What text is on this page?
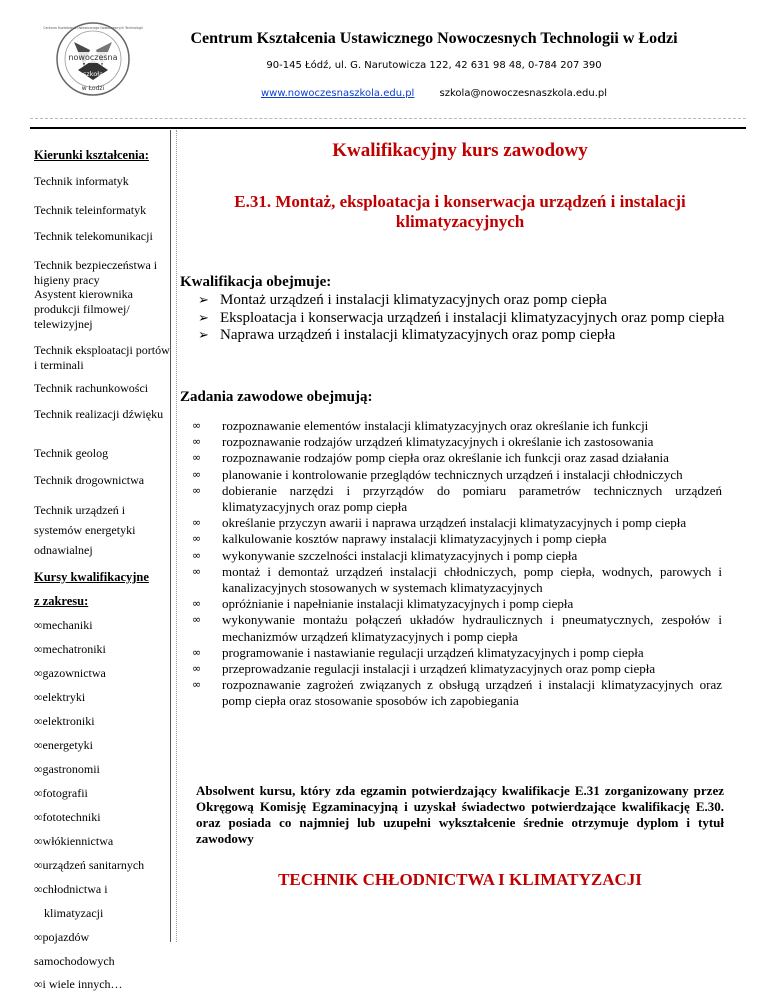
nowoczesna
szkoła
w Łodzi
Centrum Kształcenia Ustawicznego Nowoczesnych Technologii
Centrum Kształcenia Ustawicznego Nowoczesnych Technologii w Łodzi
90-145 Łódź, ul. G. Narutowicza 122, 42 631 98 48, 0-784 207 390
www.nowoczesnaszkola.edu.pl	szkola@nowoczesnaszkola.edu.pl
Kierunki kształcenia:
Technik informatyk
Technik teleinformatyk
Technik telekomunikacji
Technik bezpieczeństwa i higieny pracy
Asystent kierownika produkcji filmowej/ telewizyjnej
Technik eksploatacji portów i terminali
Technik rachunkowości
Technik realizacji dźwięku
Technik geolog
Technik drogownictwa
Technik urządzeń i systemów energetyki odnawialnej
Kursy kwalifikacyjne
z zakresu:
∞mechaniki
∞mechatroniki
∞gazownictwa
∞elektryki
∞elektroniki
∞energetyki
∞gastronomii
∞fotografii
∞fototechniki
∞włókiennictwa
∞urządzeń sanitarnych
∞chłodnictwa i
klimatyzacji
∞pojazdów
samochodowych
∞i wiele innych…
Kwalifikacyjny kurs zawodowy
E.31. Montaż, eksploatacja i konserwacja urządzeń i instalacji klimatyzacyjnych
Kwalifikacja obejmuje:
➢ Montaż urządzeń i instalacji klimatyzacyjnych oraz pomp ciepła
➢ Eksploatacja i konserwacja urządzeń i instalacji klimatyzacyjnych oraz pomp ciepła
➢ Naprawa urządzeń i instalacji klimatyzacyjnych oraz pomp ciepła
Zadania zawodowe obejmują:
∞ rozpoznawanie elementów instalacji klimatyzacyjnych oraz określanie ich funkcji
∞ rozpoznawanie rodzajów urządzeń klimatyzacyjnych i określanie ich zastosowania
∞ rozpoznawanie rodzajów pomp ciepła oraz określanie ich funkcji oraz zasad działania
∞ planowanie i kontrolowanie przeglądów technicznych urządzeń i instalacji chłodniczych
∞ dobieranie narzędzi i przyrządów do pomiaru parametrów technicznych urządzeń klimatyzacyjnych oraz pomp ciepła
∞ określanie przyczyn awarii i naprawa urządzeń instalacji klimatyzacyjnych i pomp ciepła
∞ kalkulowanie kosztów naprawy instalacji klimatyzacyjnych i pomp ciepła
∞ wykonywanie szczelności instalacji klimatyzacyjnych i pomp ciepła
∞ montaż i demontaż urządzeń instalacji chłodniczych, pomp ciepła, wodnych, parowych i kanalizacyjnych stosowanych w systemach klimatyzacyjnych
∞ opróżnianie i napełnianie instalacji klimatyzacyjnych i pomp ciepła
∞ wykonywanie montażu połączeń układów hydraulicznych i pneumatycznych, zespołów i mechanizmów urządzeń klimatyzacyjnych i pomp ciepła
∞ programowanie i nastawianie regulacji urządzeń klimatyzacyjnych i pomp ciepła
∞ przeprowadzanie regulacji instalacji i urządzeń klimatyzacyjnych oraz pomp ciepła
∞ rozpoznawanie zagrożeń związanych z obsługą urządzeń i instalacji klimatyzacyjnych oraz pomp ciepła oraz stosowanie sposobów ich zapobiegania
Absolwent kursu, który zda egzamin potwierdzający kwalifikacje E.31 zorganizowany przez Okręgową Komisję Egzaminacyjną i uzyskał świadectwo potwierdzające kwalifikację E.30. oraz posiada co najmniej lub uzupełni wykształcenie średnie otrzymuje dyplom i tytuł zawodowy
TECHNIK CHŁODNICTWA I KLIMATYZACJI
